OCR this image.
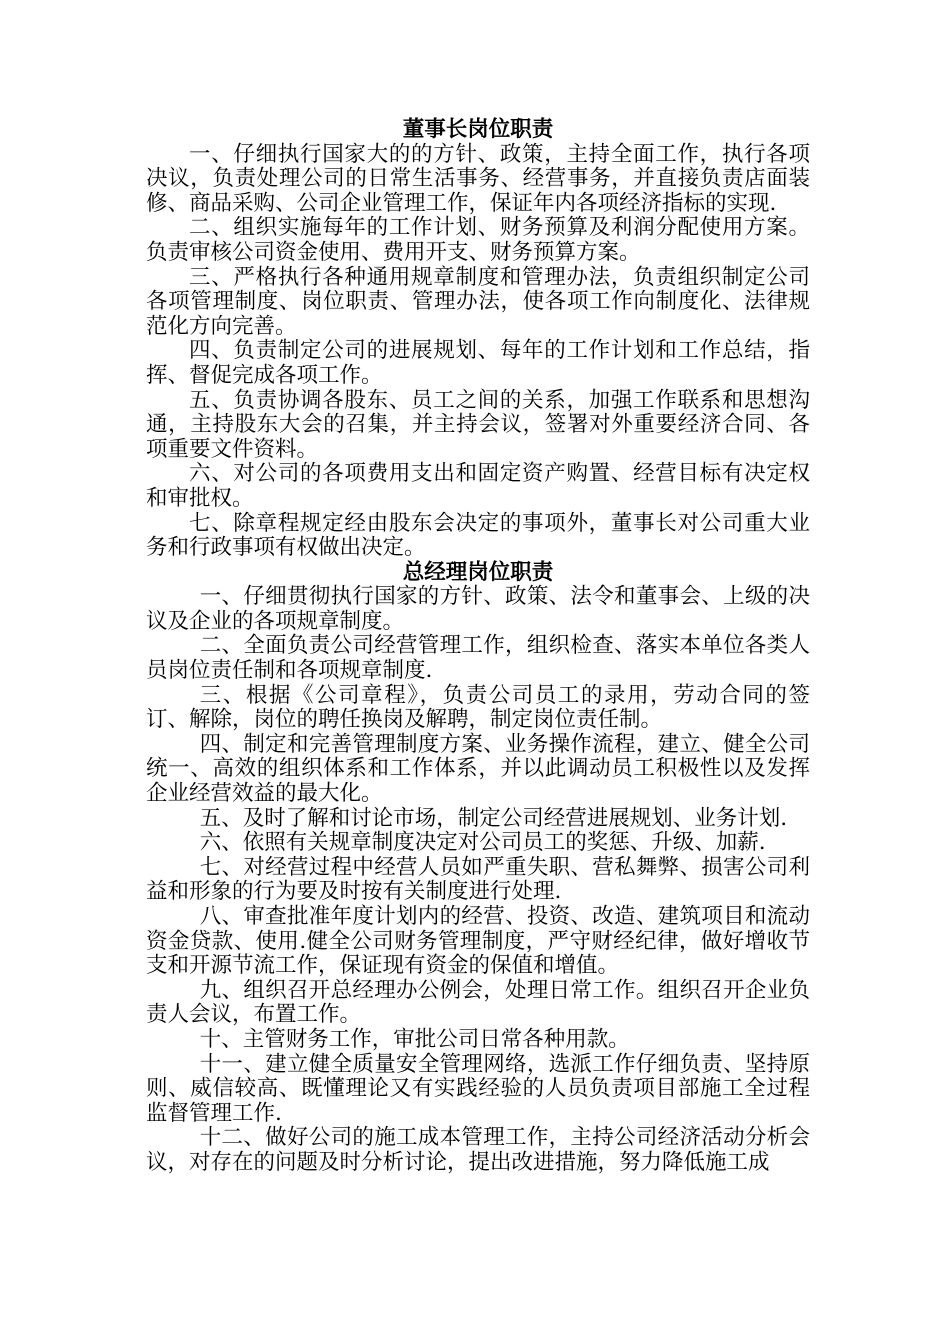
董事长岗位职责
一、仔细执行国家大的的方针、政策，主持全面工作，执行各项决议，负责处理公司的日常生活事务、经营事务，并直接负责店面装修、商品采购、公司企业管理工作，保证年内各项经济指标的实现.
二、组织实施每年的工作计划、财务预算及利润分配使用方案。负责审核公司资金使用、费用开支、财务预算方案。
三、严格执行各种通用规章制度和管理办法，负责组织制定公司各项管理制度、岗位职责、管理办法，使各项工作向制度化、法律规范化方向完善。
四、负责制定公司的进展规划、每年的工作计划和工作总结，指挥、督促完成各项工作。
五、负责协调各股东、员工之间的关系，加强工作联系和思想沟通，主持股东大会的召集，并主持会议，签署对外重要经济合同、各项重要文件资料。
六、对公司的各项费用支出和固定资产购置、经营目标有决定权和审批权。
七、除章程规定经由股东会决定的事项外，董事长对公司重大业务和行政事项有权做出决定。
总经理岗位职责
一、仔细贯彻执行国家的方针、政策、法令和董事会、上级的决议及企业的各项规章制度。
二、全面负责公司经营管理工作，组织检查、落实本单位各类人员岗位责任制和各项规章制度.
三、根据《公司章程》，负责公司员工的录用，劳动合同的签订、解除，岗位的聘任换岗及解聘，制定岗位责任制。
四、制定和完善管理制度方案、业务操作流程，建立、健全公司统一、高效的组织体系和工作体系，并以此调动员工积极性以及发挥企业经营效益的最大化。
五、及时了解和讨论市场，制定公司经营进展规划、业务计划.
六、依照有关规章制度决定对公司员工的奖惩、升级、加薪.
七、对经营过程中经营人员如严重失职、营私舞弊、损害公司利益和形象的行为要及时按有关制度进行处理.
八、审查批准年度计划内的经营、投资、改造、建筑项目和流动资金贷款、使用.健全公司财务管理制度，严守财经纪律，做好增收节支和开源节流工作，保证现有资金的保值和增值。
九、组织召开总经理办公例会，处理日常工作。组织召开企业负责人会议，布置工作。
十、主管财务工作，审批公司日常各种用款。
十一、建立健全质量安全管理网络，选派工作仔细负责、坚持原则、威信较高、既懂理论又有实践经验的人员负责项目部施工全过程监督管理工作.
十二、做好公司的施工成本管理工作，主持公司经济活动分析会议，对存在的问题及时分析讨论，提出改进措施，努力降低施工成
